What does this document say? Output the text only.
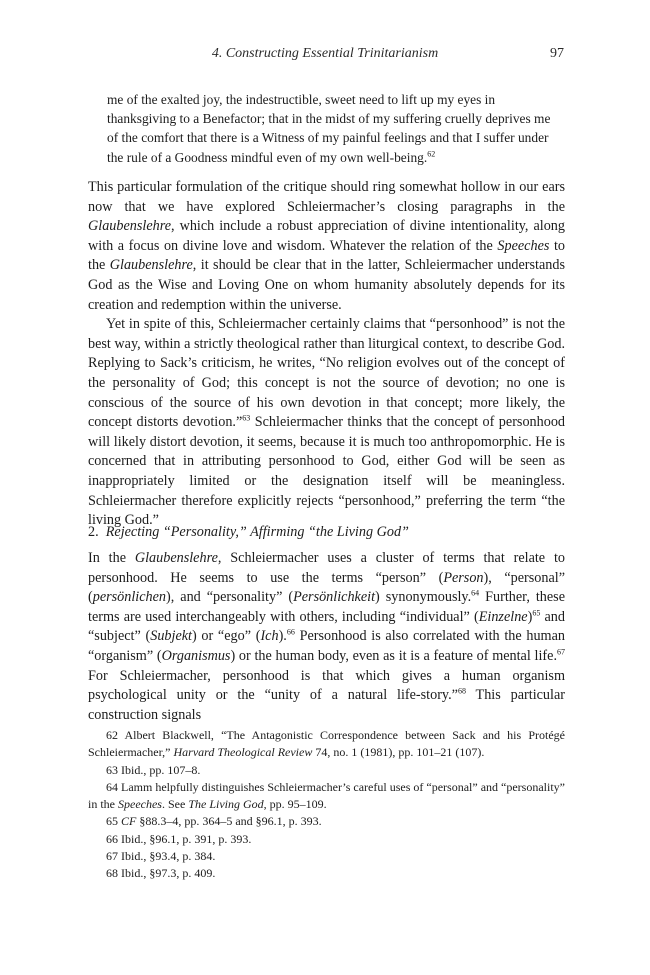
4. Constructing Essential Trinitarianism	97

me of the exalted joy, the indestructible, sweet need to lift up my eyes in thanksgiving to a Benefactor; that in the midst of my suffering cruelly deprives me of the comfort that there is a Witness of my painful feelings and that I suffer under the rule of a Goodness mindful even of my own well-being.$^{62}$

This particular formulation of the critique should ring somewhat hollow in our ears now that we have explored Schleiermacher’s closing paragraphs in the Glaubenslehre, which include a robust appreciation of divine intentionality, along with a focus on divine love and wisdom. Whatever the relation of the Speeches to the Glaubenslehre, it should be clear that in the latter, Schleiermacher understands God as the Wise and Loving One on whom humanity absolutely depends for its creation and redemption within the universe.

Yet in spite of this, Schleiermacher certainly claims that “personhood” is not the best way, within a strictly theological rather than liturgical context, to describe God. Replying to Sack’s criticism, he writes, “No religion evolves out of the concept of the personality of God; this concept is not the source of devotion; no one is conscious of the source of his own devotion in that concept; more likely, the concept distorts devotion.”$^{63}$ Schleiermacher thinks that the concept of personhood will likely distort devotion, it seems, because it is much too anthropomorphic. He is concerned that in attributing personhood to God, either God will be seen as inappropriately limited or the designation itself will be meaningless. Schleiermacher therefore explicitly rejects “personhood,” preferring the term “the living God.”

2. Rejecting “Personality,” Affirming “the Living God”

In the Glaubenslehre, Schleiermacher uses a cluster of terms that relate to personhood. He seems to use the terms “person” (Person), “personal” (persönlichen), and “personality” (Persönlichkeit) synonymously.$^{64}$ Further, these terms are used interchangeably with others, including “individual” (Einzelne)$^{65}$ and “subject” (Subjekt) or “ego” (Ich).$^{66}$ Personhood is also correlated with the human “organism” (Organismus) or the human body, even as it is a feature of mental life.$^{67}$ For Schleiermacher, personhood is that which gives a human organism psychological unity or the “unity of a natural life-story.”$^{68}$ This particular construction signals

62 Albert Blackwell, “The Antagonistic Correspondence between Sack and his Protégé Schleiermacher,” Harvard Theological Review 74, no. 1 (1981), pp. 101–21 (107).

63 Ibid., pp. 107–8.

64 Lamm helpfully distinguishes Schleiermacher’s careful uses of “personal” and “personality” in the Speeches. See The Living God, pp. 95–109.

65 CF §88.3–4, pp. 364–5 and §96.1, p. 393.

66 Ibid., §96.1, p. 391, p. 393.

67 Ibid., §93.4, p. 384.

68 Ibid., §97.3, p. 409.
